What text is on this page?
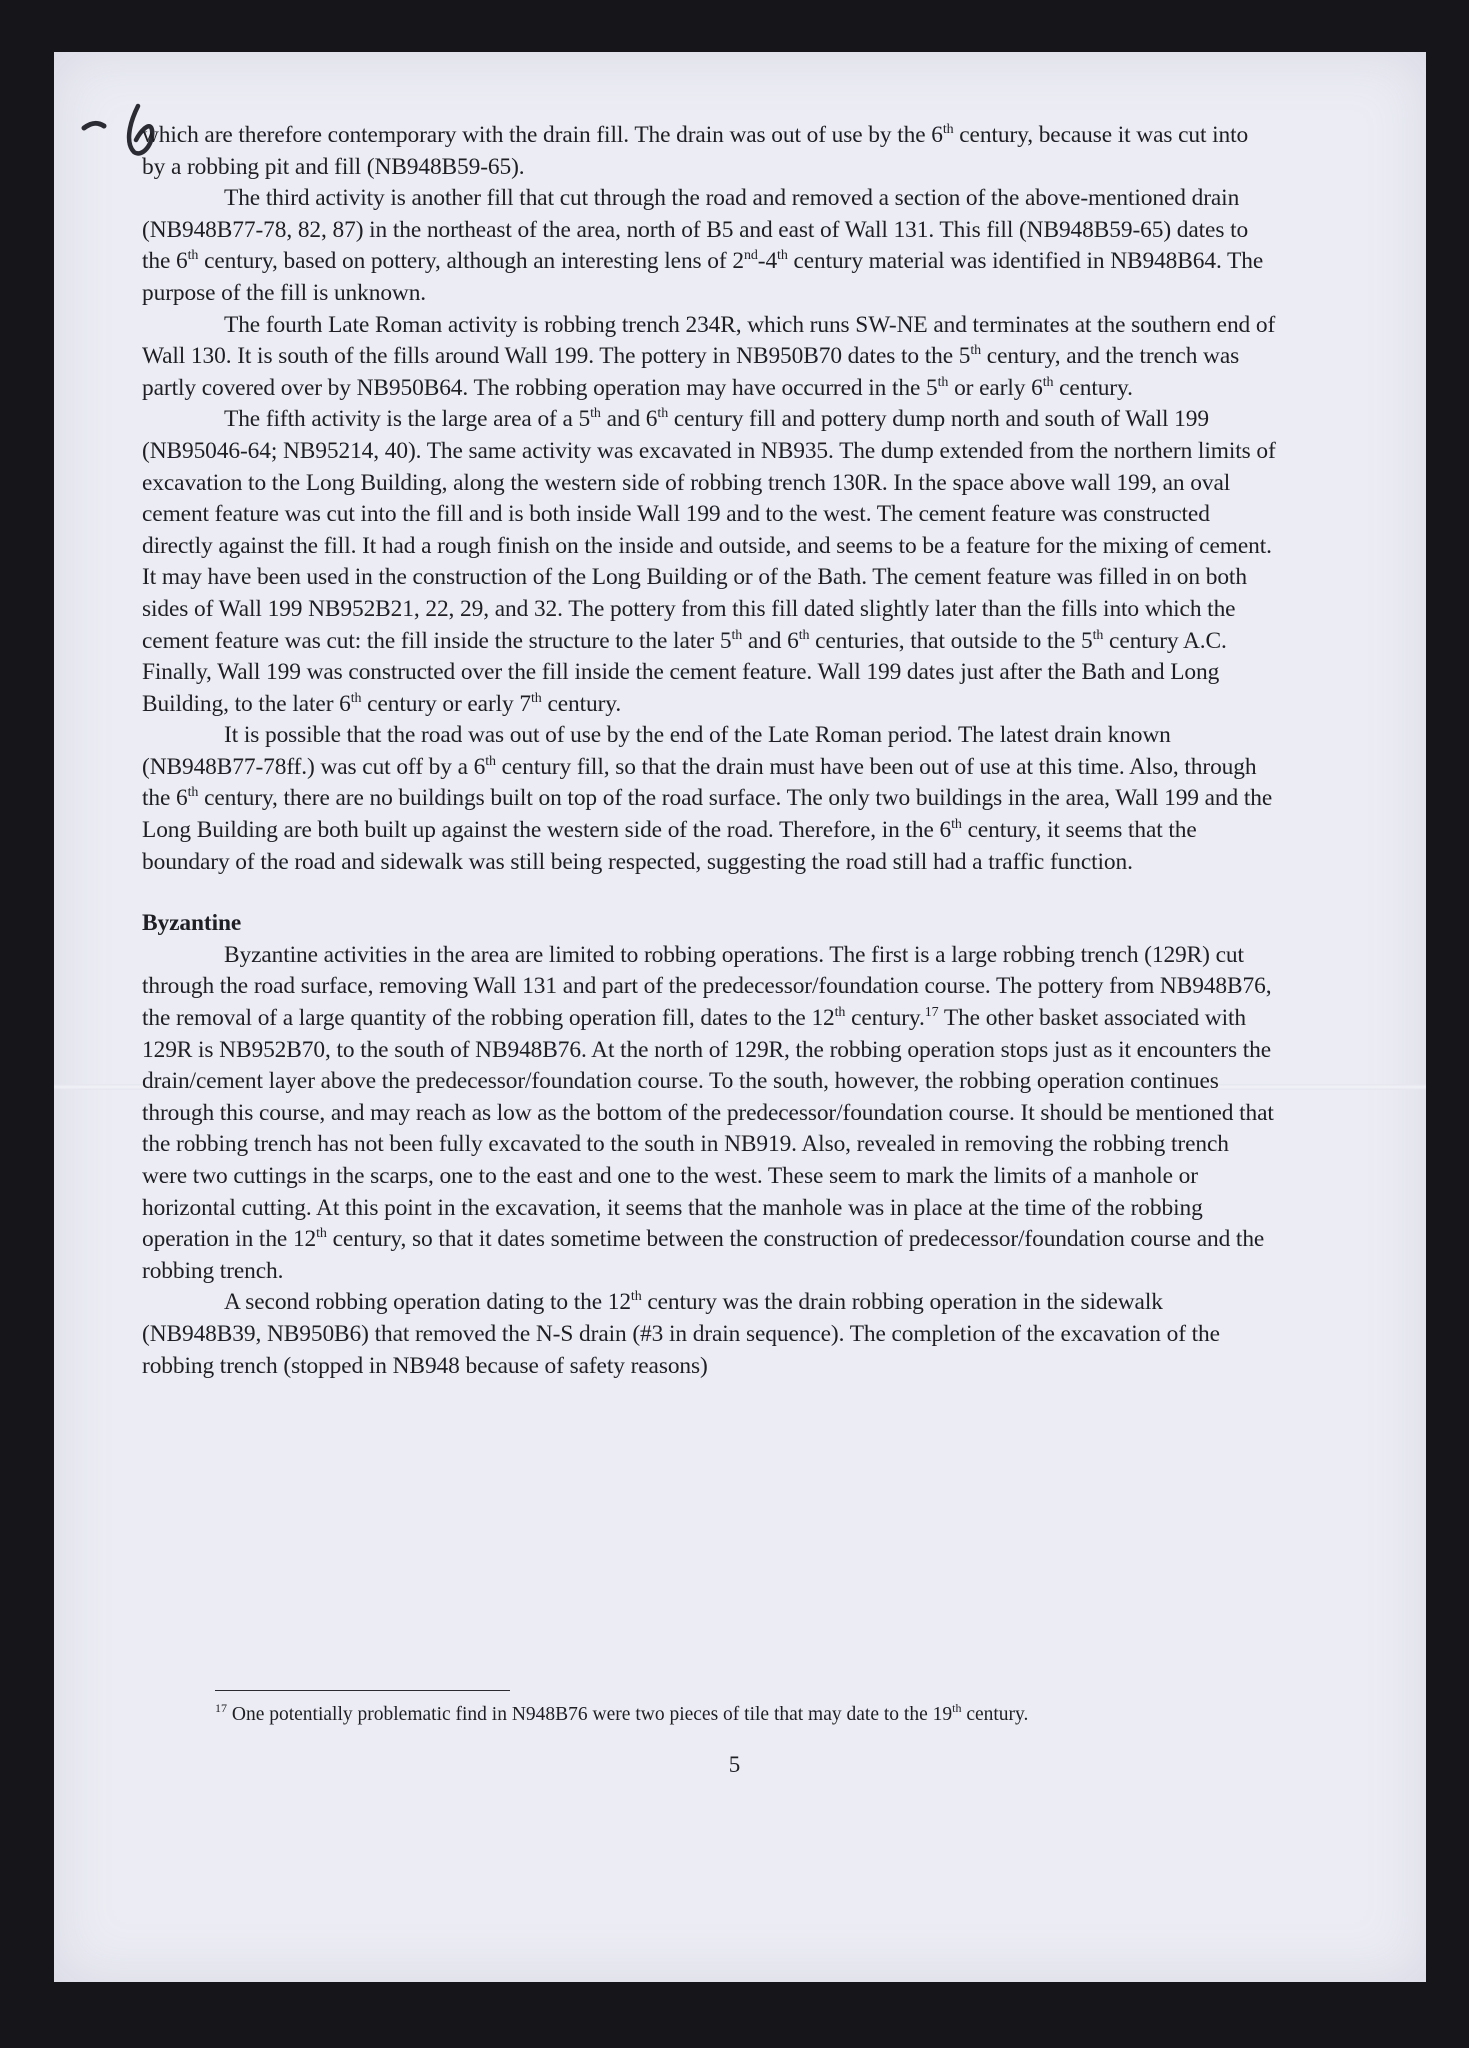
which are therefore contemporary with the drain fill. The drain was out of use by the 6th century, because it was cut into by a robbing pit and fill (NB948B59-65).

The third activity is another fill that cut through the road and removed a section of the above-mentioned drain (NB948B77-78, 82, 87) in the northeast of the area, north of B5 and east of Wall 131. This fill (NB948B59-65) dates to the 6th century, based on pottery, although an interesting lens of 2nd-4th century material was identified in NB948B64. The purpose of the fill is unknown.

The fourth Late Roman activity is robbing trench 234R, which runs SW-NE and terminates at the southern end of Wall 130. It is south of the fills around Wall 199. The pottery in NB950B70 dates to the 5th century, and the trench was partly covered over by NB950B64. The robbing operation may have occurred in the 5th or early 6th century.

The fifth activity is the large area of a 5th and 6th century fill and pottery dump north and south of Wall 199 (NB95046-64; NB95214, 40). The same activity was excavated in NB935. The dump extended from the northern limits of excavation to the Long Building, along the western side of robbing trench 130R. In the space above wall 199, an oval cement feature was cut into the fill and is both inside Wall 199 and to the west. The cement feature was constructed directly against the fill. It had a rough finish on the inside and outside, and seems to be a feature for the mixing of cement. It may have been used in the construction of the Long Building or of the Bath. The cement feature was filled in on both sides of Wall 199 NB952B21, 22, 29, and 32. The pottery from this fill dated slightly later than the fills into which the cement feature was cut: the fill inside the structure to the later 5th and 6th centuries, that outside to the 5th century A.C. Finally, Wall 199 was constructed over the fill inside the cement feature. Wall 199 dates just after the Bath and Long Building, to the later 6th century or early 7th century.

It is possible that the road was out of use by the end of the Late Roman period. The latest drain known (NB948B77-78ff.) was cut off by a 6th century fill, so that the drain must have been out of use at this time. Also, through the 6th century, there are no buildings built on top of the road surface. The only two buildings in the area, Wall 199 and the Long Building are both built up against the western side of the road. Therefore, in the 6th century, it seems that the boundary of the road and sidewalk was still being respected, suggesting the road still had a traffic function.

Byzantine

Byzantine activities in the area are limited to robbing operations. The first is a large robbing trench (129R) cut through the road surface, removing Wall 131 and part of the predecessor/foundation course. The pottery from NB948B76, the removal of a large quantity of the robbing operation fill, dates to the 12th century.$^{17}$ The other basket associated with 129R is NB952B70, to the south of NB948B76. At the north of 129R, the robbing operation stops just as it encounters the drain/cement layer above the predecessor/foundation course. To the south, however, the robbing operation continues through this course, and may reach as low as the bottom of the predecessor/foundation course. It should be mentioned that the robbing trench has not been fully excavated to the south in NB919. Also, revealed in removing the robbing trench were two cuttings in the scarps, one to the east and one to the west. These seem to mark the limits of a manhole or horizontal cutting. At this point in the excavation, it seems that the manhole was in place at the time of the robbing operation in the 12th century, so that it dates sometime between the construction of predecessor/foundation course and the robbing trench.

A second robbing operation dating to the 12th century was the drain robbing operation in the sidewalk (NB948B39, NB950B6) that removed the N-S drain (#3 in drain sequence). The completion of the excavation of the robbing trench (stopped in NB948 because of safety reasons)

$^{17}$ One potentially problematic find in N948B76 were two pieces of tile that may date to the 19th century.
5
